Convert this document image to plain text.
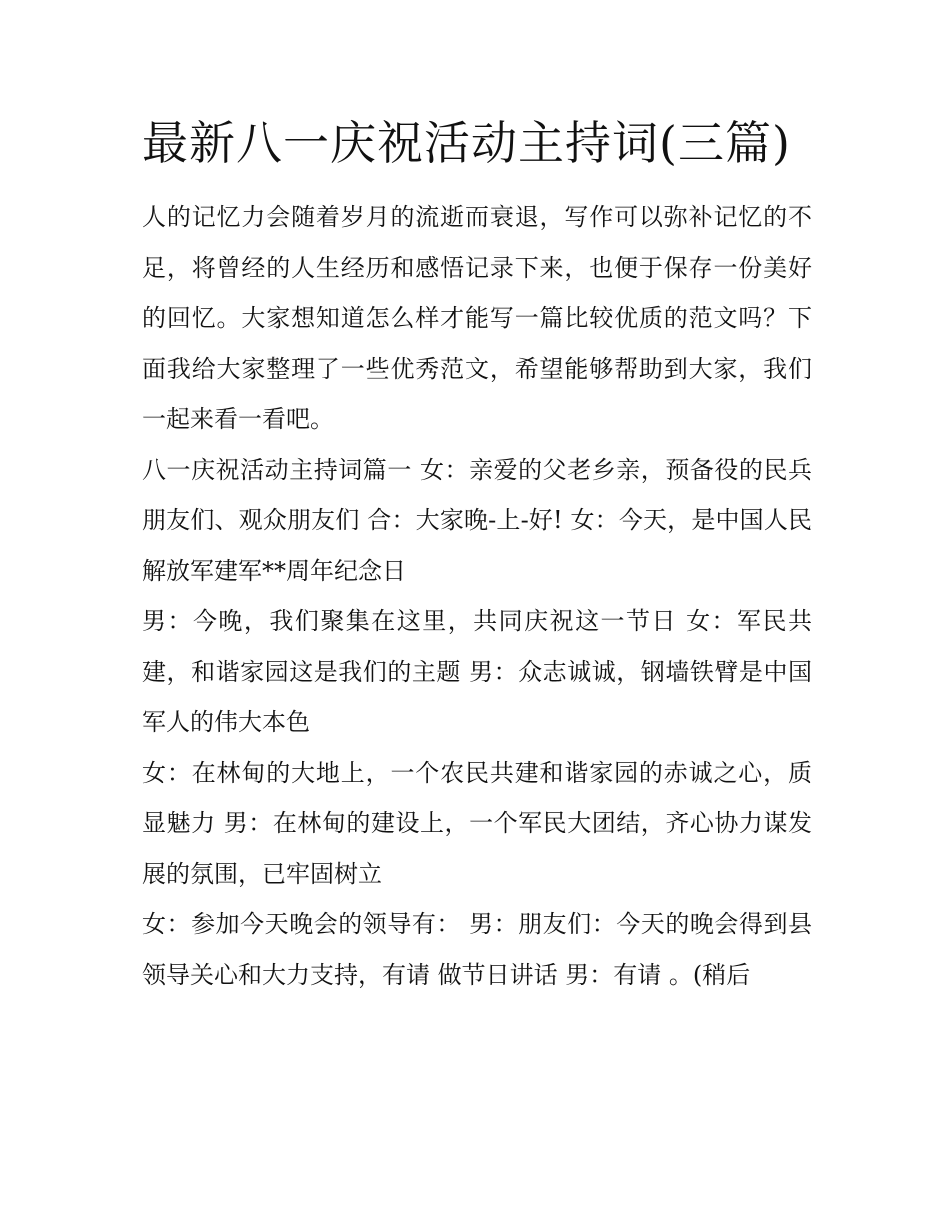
最新八一庆祝活动主持词(三篇)

人的记忆力会随着岁月的流逝而衰退，写作可以弥补记忆的不足，将曾经的人生经历和感悟记录下来，也便于保存一份美好的回忆。大家想知道怎么样才能写一篇比较优质的范文吗？下面我给大家整理了一些优秀范文，希望能够帮助到大家，我们一起来看一看吧。

八一庆祝活动主持词篇一 女：亲爱的父老乡亲，预备役的民兵朋友们、观众朋友们 合：大家晚-上-好! 女：今天，是中国人民解放军建军**周年纪念日

男：今晚，我们聚集在这里，共同庆祝这一节日 女：军民共建，和谐家园这是我们的主题 男：众志诚诚，钢墙铁臂是中国军人的伟大本色

女：在林甸的大地上，一个农民共建和谐家园的赤诚之心，质显魅力 男：在林甸的建设上，一个军民大团结，齐心协力谋发展的氛围，已牢固树立

女：参加今天晚会的领导有： 男：朋友们：今天的晚会得到县领导关心和大力支持，有请 做节日讲话 男：有请 。(稍后
